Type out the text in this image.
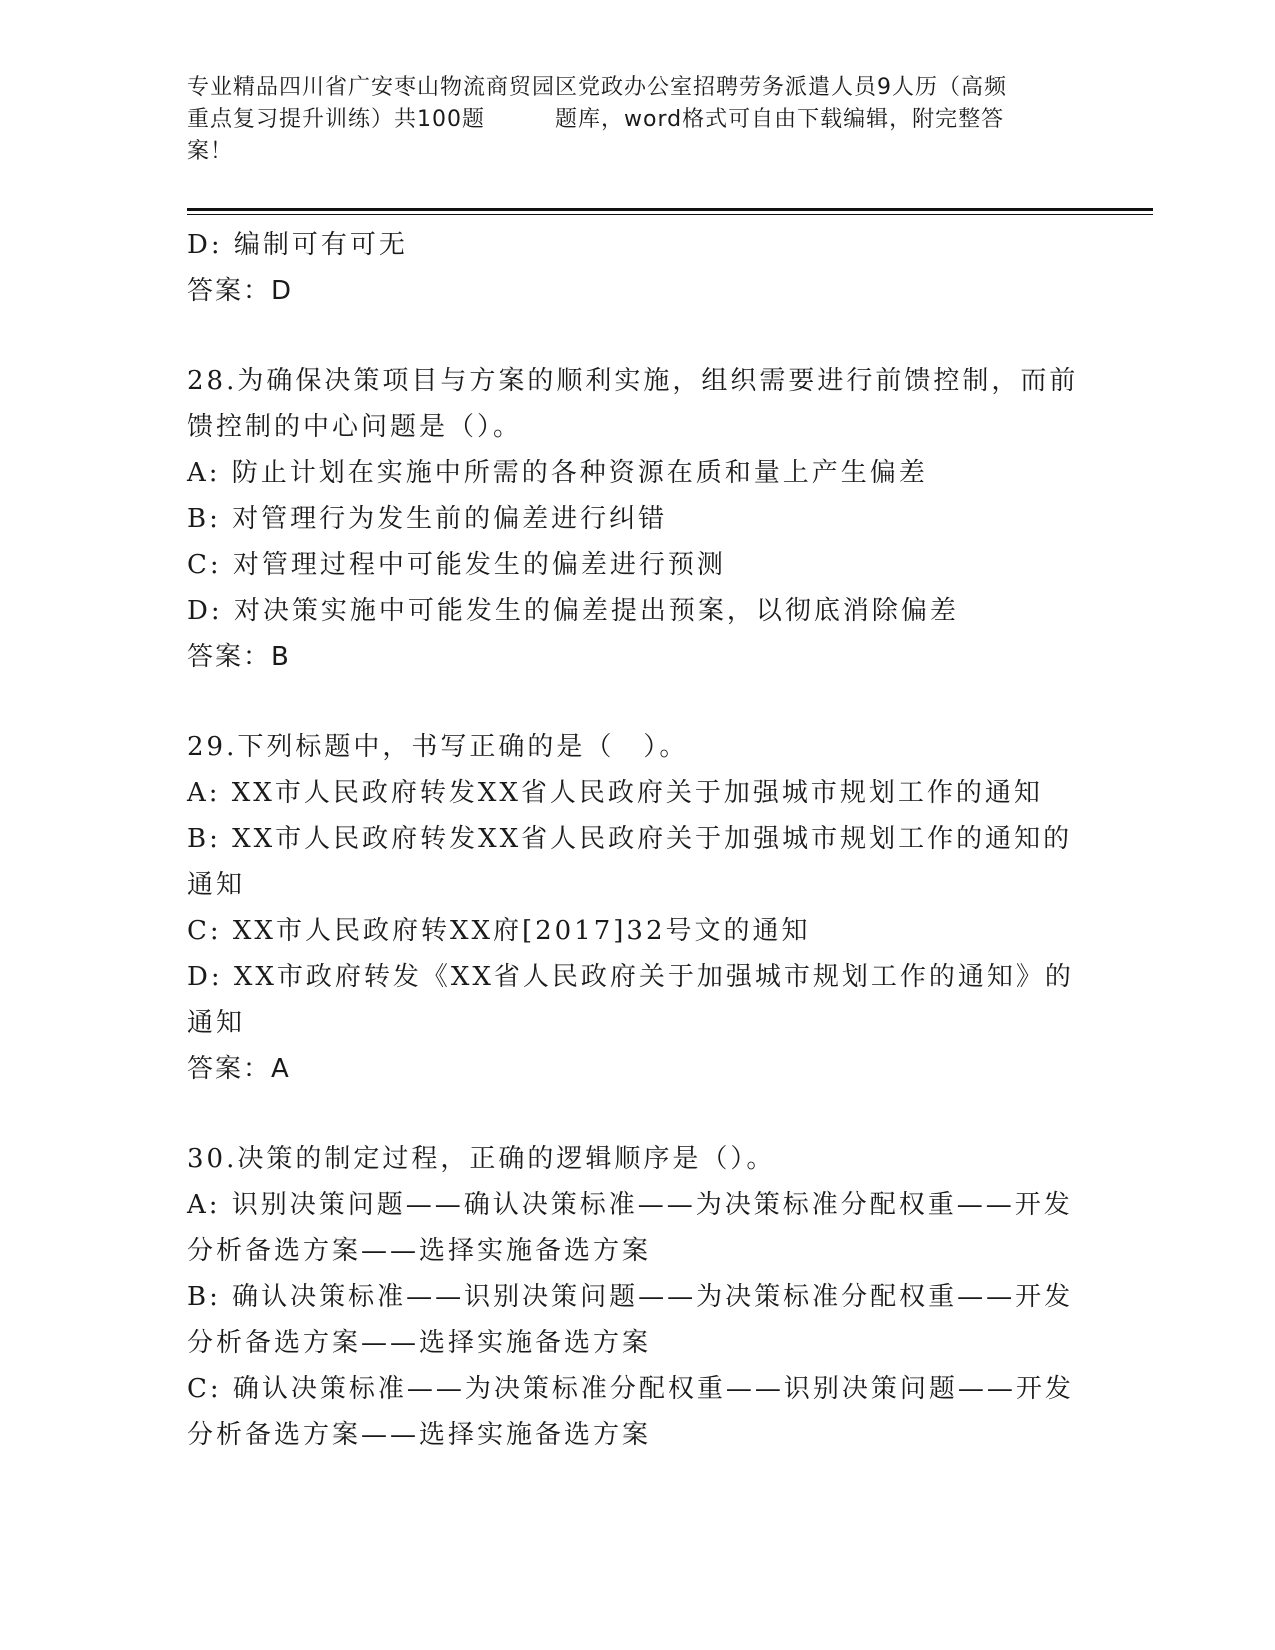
专业精品四川省广安枣山物流商贸园区党政办公室招聘劳务派遣人员9人历（高频
重点复习提升训练）共100题	题库，word格式可自由下载编辑，附完整答
案！
D: 编制可有可无
答案：D
28.为确保决策项目与方案的顺利实施，组织需要进行前馈控制，而前
馈控制的中心问题是（）。
A: 防止计划在实施中所需的各种资源在质和量上产生偏差
B: 对管理行为发生前的偏差进行纠错
C: 对管理过程中可能发生的偏差进行预测
D: 对决策实施中可能发生的偏差提出预案，以彻底消除偏差
答案：B
29.下列标题中，书写正确的是（　）。
A: XX市人民政府转发XX省人民政府关于加强城市规划工作的通知
B: XX市人民政府转发XX省人民政府关于加强城市规划工作的通知的
通知
C: XX市人民政府转XX府[2017]32号文的通知
D: XX市政府转发《XX省人民政府关于加强城市规划工作的通知》的
通知
答案：A
30.决策的制定过程，正确的逻辑顺序是（）。
A: 识别决策问题——确认决策标准——为决策标准分配权重——开发
分析备选方案——选择实施备选方案
B: 确认决策标准——识别决策问题——为决策标准分配权重——开发
分析备选方案——选择实施备选方案
C: 确认决策标准——为决策标准分配权重——识别决策问题——开发
分析备选方案——选择实施备选方案
